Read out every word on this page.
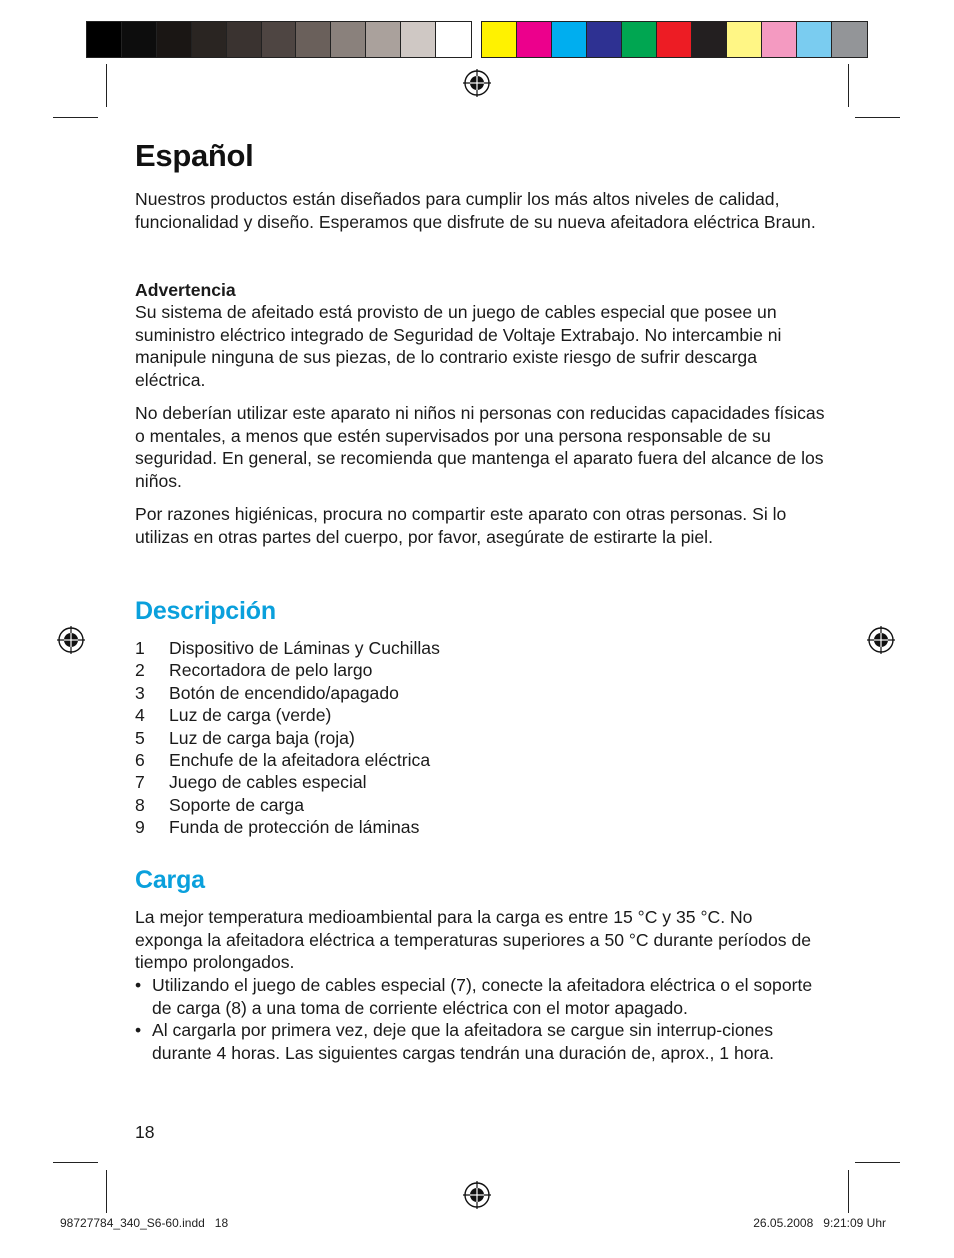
Español

Nuestros productos están diseñados para cumplir los más altos niveles de calidad, funcionalidad y diseño. Esperamos que disfrute de su nueva afeitadora eléctrica Braun.

Advertencia

Su sistema de afeitado está provisto de un juego de cables especial que posee un suministro eléctrico integrado de Seguridad de Voltaje Extrabajo. No intercambie ni manipule ninguna de sus piezas, de lo contrario existe riesgo de sufrir descarga eléctrica.

No deberían utilizar este aparato ni niños ni personas con reducidas capacidades físicas o mentales, a menos que estén supervisados por una persona responsable de su seguridad. En general, se recomienda que mantenga el aparato fuera del alcance de los niños.

Por razones higiénicas, procura no compartir este aparato con otras personas. Si lo utilizas en otras partes del cuerpo, por favor, asegúrate de estirarte la piel.

Descripción
1	Dispositivo de Láminas y Cuchillas
2	Recortadora de pelo largo
3	Botón de encendido/apagado
4	Luz de carga (verde)
5	Luz de carga baja (roja)
6	Enchufe de la afeitadora eléctrica
7	Juego de cables especial
8	Soporte de carga
9	Funda de protección de láminas
Carga

La mejor temperatura medioambiental para la carga es entre 15 °C y 35 °C. No exponga la afeitadora eléctrica a temperaturas superiores a 50 °C durante períodos de tiempo prolongados.

• Utilizando el juego de cables especial (7), conecte la afeitadora eléctrica o el soporte de carga (8) a una toma de corriente eléctrica con el motor apagado.
• Al cargarla por primera vez, deje que la afeitadora se cargue sin interrup-ciones durante 4 horas. Las siguientes cargas tendrán una duración de, aprox., 1 hora.
18
98727784_340_S6-60.indd   18	26.05.2008   9:21:09 Uhr
